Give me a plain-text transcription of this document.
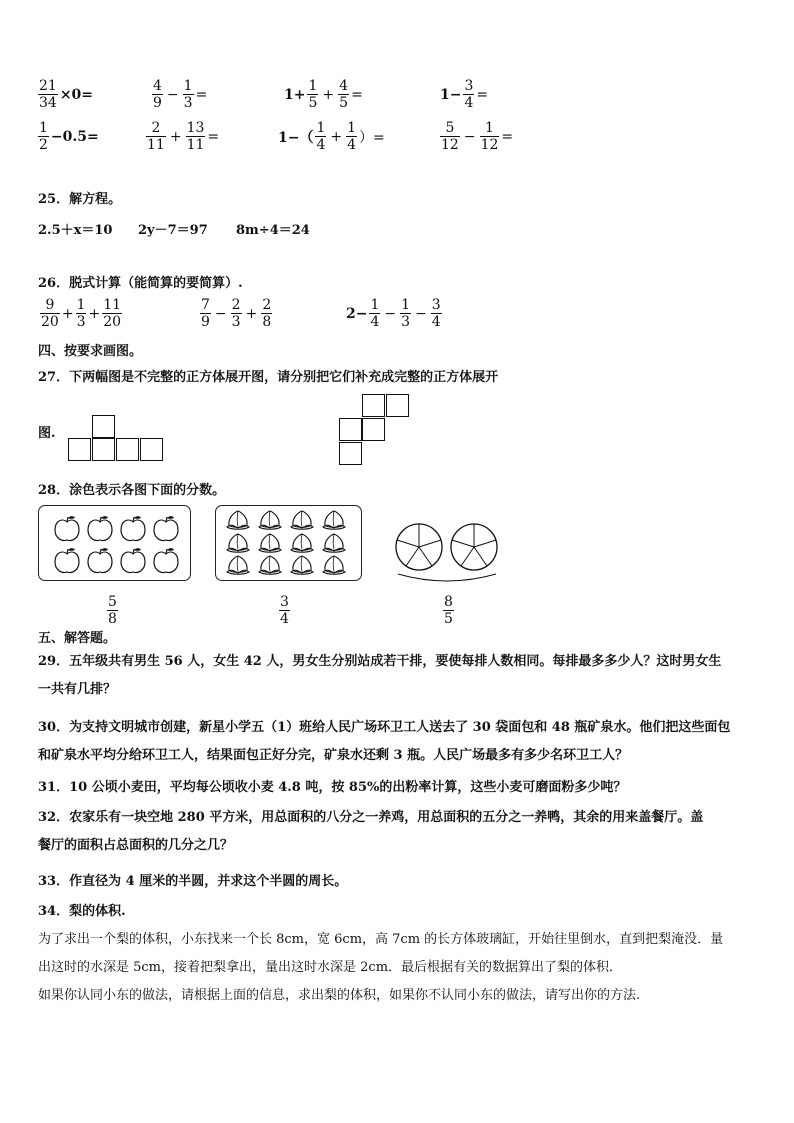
$\frac{21}{34} \times 0=$	$\frac{4}{9} - \frac{1}{3}$ =	$1+ \frac{1}{5} + \frac{4}{5}$ =	$1- \frac{3}{4}$ =
$\frac{1}{2} -0.5=$	$\frac{2}{11} + \frac{13}{11}$ =	$1-( \frac{1}{4} + \frac{1}{4}$ ）=	$\frac{5}{12} - \frac{1}{12}$ =
25．解方程。
2.5＋x＝10 2y－7＝97 8m÷4＝24
26．脱式计算（能简算的要简算）.
$\frac{9}{20} + \frac{1}{3} + \frac{11}{20}$	$\frac{7}{9} - \frac{2}{3} + \frac{2}{8}$	$2- \frac{1}{4} - \frac{1}{3} - \frac{3}{4}$
四、按要求画图。
27．下两幅图是不完整的正方体展开图，请分别把它们补充成完整的正方体展开
图.
28．涂色表示各图下面的分数。
$\frac{5}{8}$	$\frac{3}{4}$	$\frac{8}{5}$
五、解答题。
29．五年级共有男生 56 人，女生 42 人，男女生分别站成若干排，要使每排人数相同。每排最多多少人？这时男女生
一共有几排？
30．为支持文明城市创建，新星小学五（1）班给人民广场环卫工人送去了 30 袋面包和 48 瓶矿泉水。他们把这些面包
和矿泉水平均分给环卫工人，结果面包正好分完，矿泉水还剩 3 瓶。人民广场最多有多少名环卫工人？
31．10 公顷小麦田，平均每公顷收小麦 4.8 吨，按 85%的出粉率计算，这些小麦可磨面粉多少吨？
32．农家乐有一块空地 280 平方米，用总面积的八分之一养鸡，用总面积的五分之一养鸭，其余的用来盖餐厅。盖
餐厅的面积占总面积的几分之几？
33．作直径为 4 厘米的半圆，并求这个半圆的周长。
34．梨的体积.
为了求出一个梨的体积，小东找来一个长 8cm，宽 6cm，高 7cm 的长方体玻璃缸，开始往里倒水，直到把梨淹没．量
出这时的水深是 5cm，接着把梨拿出，量出这时水深是 2cm．最后根据有关的数据算出了梨的体积．
如果你认同小东的做法，请根据上面的信息，求出梨的体积，如果你不认同小东的做法，请写出你的方法.
